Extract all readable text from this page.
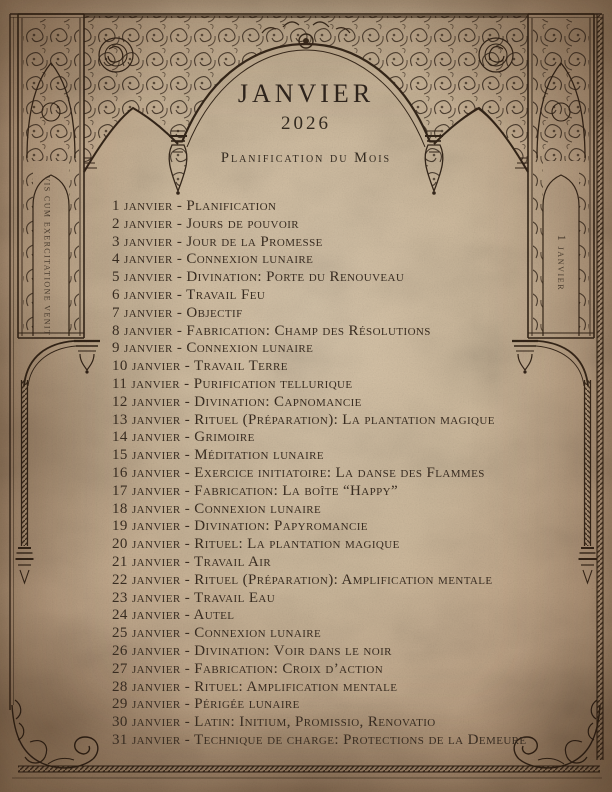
VIS CUM EXERCITATIONE VENIT	1 janvier
JANVIER
2026
Planification du Mois
1 janvier - Planification
2 janvier - Jours de pouvoir
3 janvier - Jour de la Promesse
4 janvier - Connexion lunaire
5 janvier - Divination: Porte du Renouveau
6 janvier - Travail Feu
7 janvier - Objectif
8 janvier - Fabrication: Champ des Résolutions
9 janvier - Connexion lunaire
10 janvier - Travail Terre
11 janvier - Purification tellurique
12 janvier - Divination: Capnomancie
13 janvier - Rituel (Préparation): La plantation magique
14 janvier - Grimoire
15 janvier - Méditation lunaire
16 janvier - Exercice initiatoire: La danse des Flammes
17 janvier - Fabrication: La boîte “Happy”
18 janvier - Connexion lunaire
19 janvier - Divination: Papyromancie
20 janvier - Rituel: La plantation magique
21 janvier - Travail Air
22 janvier - Rituel (Préparation): Amplification mentale
23 janvier - Travail Eau
24 janvier - Autel
25 janvier - Connexion lunaire
26 janvier - Divination: Voir dans le noir
27 janvier - Fabrication: Croix d’action
28 janvier - Rituel: Amplification mentale
29 janvier - Périgée lunaire
30 janvier - Latin: Initium, Promissio, Renovatio
31 janvier - Technique de charge: Protections de la Demeure
